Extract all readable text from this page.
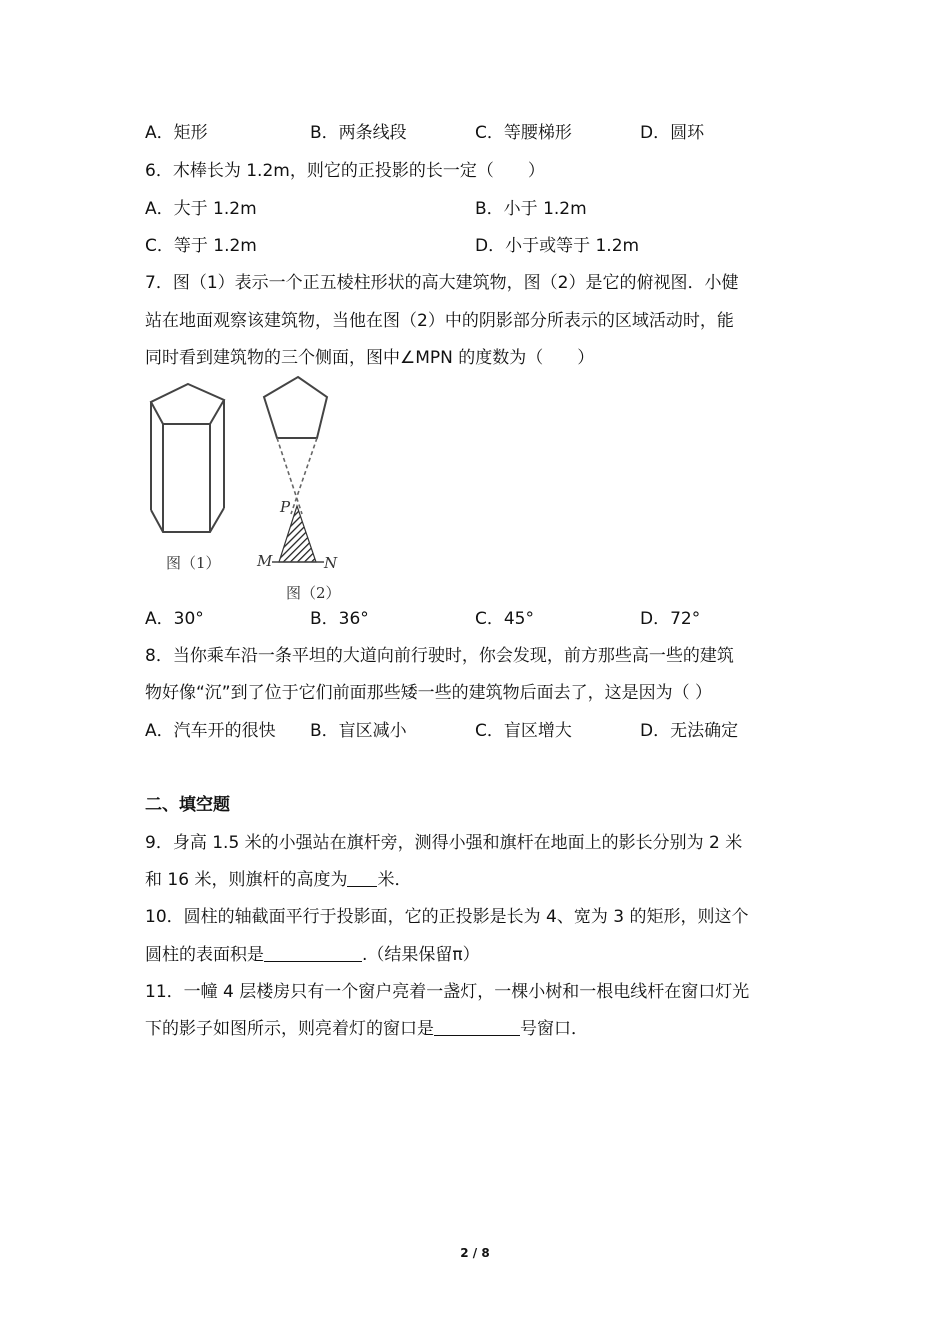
A．矩形	B．两条线段	C．等腰梯形	D．圆环
6．木棒长为 1.2m，则它的正投影的长一定（　　）
A．大于 1.2m	B．小于 1.2m
C．等于 1.2m	D．小于或等于 1.2m
7．图（1）表示一个正五棱柱形状的高大建筑物，图（2）是它的俯视图．小健
站在地面观察该建筑物，当他在图（2）中的阴影部分所表示的区域活动时，能
同时看到建筑物的三个侧面，图中∠MPN 的度数为（　　）
图（1）
P
M	N
图（2）
A．30°	B．36°	C．45°	D．72°
8．当你乘车沿一条平坦的大道向前行驶时，你会发现，前方那些高一些的建筑
物好像“沉”到了位于它们前面那些矮一些的建筑物后面去了，这是因为（ ）
A．汽车开的很快 B．盲区减小	C．盲区增大	D．无法确定
二、填空题
9．身高 1.5 米的小强站在旗杆旁，测得小强和旗杆在地面上的影长分别为 2 米
和 16 米，则旗杆的高度为 米．
10．圆柱的轴截面平行于投影面，它的正投影是长为 4、宽为 3 的矩形，则这个
圆柱的表面积是	.（结果保留π）
11．一幢 4 层楼房只有一个窗户亮着一盏灯，一棵小树和一根电线杆在窗口灯光
下的影子如图所示，则亮着灯的窗口是	号窗口．
2 / 8
